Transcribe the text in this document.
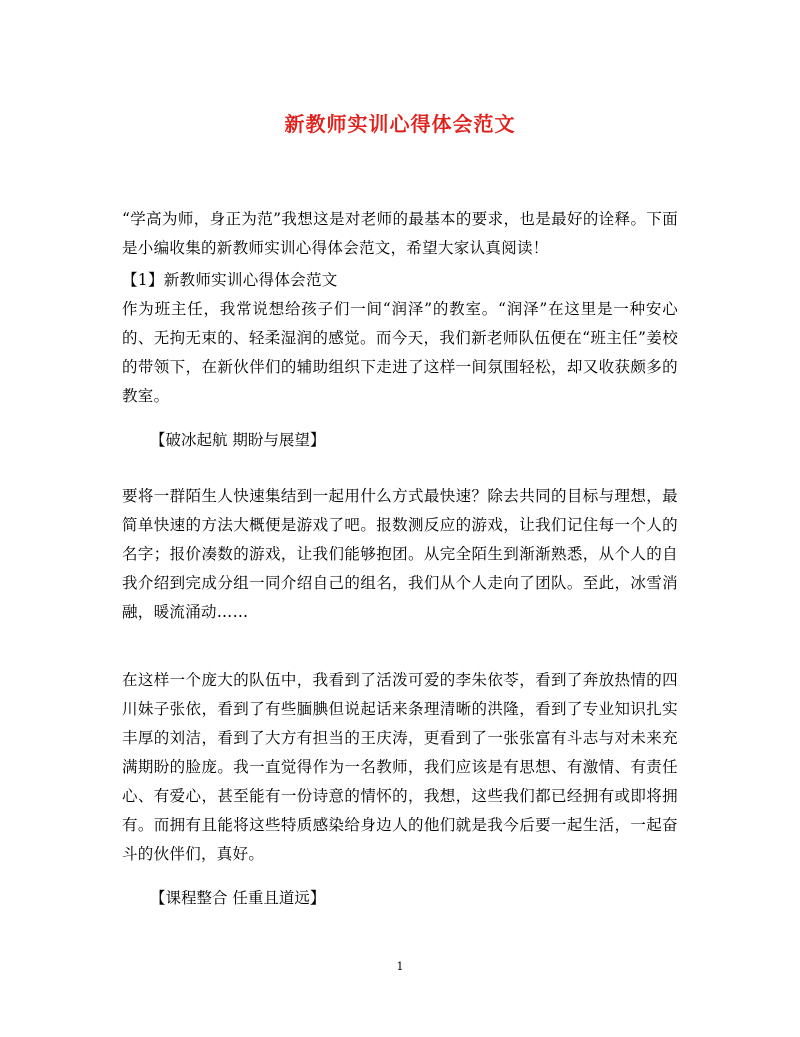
新教师实训心得体会范文
“学高为师，身正为范”我想这是对老师的最基本的要求，也是最好的诠释。下面是小编收集的新教师实训心得体会范文，希望大家认真阅读！
【1】新教师实训心得体会范文
作为班主任，我常说想给孩子们一间“润泽”的教室。“润泽”在这里是一种安心的、无拘无束的、轻柔湿润的感觉。而今天，我们新老师队伍便在“班主任”姜校的带领下，在新伙伴们的辅助组织下走进了这样一间氛围轻松，却又收获颇多的教室。
【破冰起航 期盼与展望】
要将一群陌生人快速集结到一起用什么方式最快速？除去共同的目标与理想，最简单快速的方法大概便是游戏了吧。报数测反应的游戏，让我们记住每一个人的名字；报价凑数的游戏，让我们能够抱团。从完全陌生到渐渐熟悉，从个人的自我介绍到完成分组一同介绍自己的组名，我们从个人走向了团队。至此，冰雪消融，暖流涌动……
在这样一个庞大的队伍中，我看到了活泼可爱的李朱依苓，看到了奔放热情的四川妹子张依，看到了有些腼腆但说起话来条理清晰的洪隆，看到了专业知识扎实丰厚的刘洁，看到了大方有担当的王庆涛，更看到了一张张富有斗志与对未来充满期盼的脸庞。我一直觉得作为一名教师，我们应该是有思想、有激情、有责任心、有爱心，甚至能有一份诗意的情怀的，我想，这些我们都已经拥有或即将拥有。而拥有且能将这些特质感染给身边人的他们就是我今后要一起生活，一起奋斗的伙伴们，真好。
【课程整合 任重且道远】
1
